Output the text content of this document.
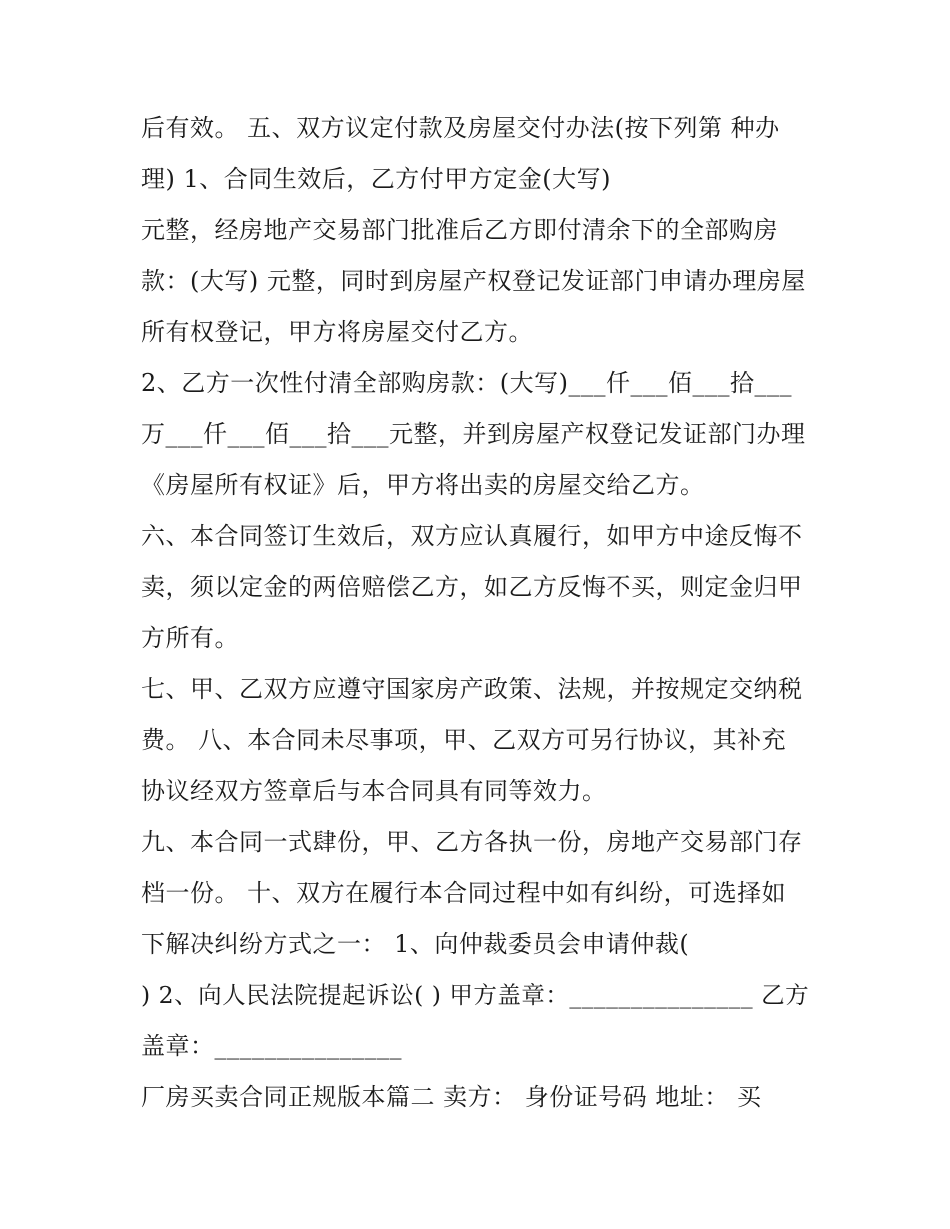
后有效。 五、双方议定付款及房屋交付办法(按下列第 种办
理) 1、合同生效后，乙方付甲方定金(大写)
元整，经房地产交易部门批准后乙方即付清余下的全部购房
款：(大写) 元整，同时到房屋产权登记发证部门申请办理房屋
所有权登记，甲方将房屋交付乙方。
2、乙方一次性付清全部购房款：(大写)___仟___佰___拾___
万___仟___佰___拾___元整，并到房屋产权登记发证部门办理
《房屋所有权证》后，甲方将出卖的房屋交给乙方。
六、本合同签订生效后，双方应认真履行，如甲方中途反悔不
卖，须以定金的两倍赔偿乙方，如乙方反悔不买，则定金归甲
方所有。
七、甲、乙双方应遵守国家房产政策、法规，并按规定交纳税
费。 八、本合同未尽事项，甲、乙双方可另行协议，其补充
协议经双方签章后与本合同具有同等效力。
九、本合同一式肆份，甲、乙方各执一份，房地产交易部门存
档一份。 十、双方在履行本合同过程中如有纠纷，可选择如
下解决纠纷方式之一： 1、向仲裁委员会申请仲裁(
) 2、向人民法院提起诉讼( ) 甲方盖章：_______________ 乙方
盖章：_______________
厂房买卖合同正规版本篇二 卖方： 身份证号码 地址： 买
